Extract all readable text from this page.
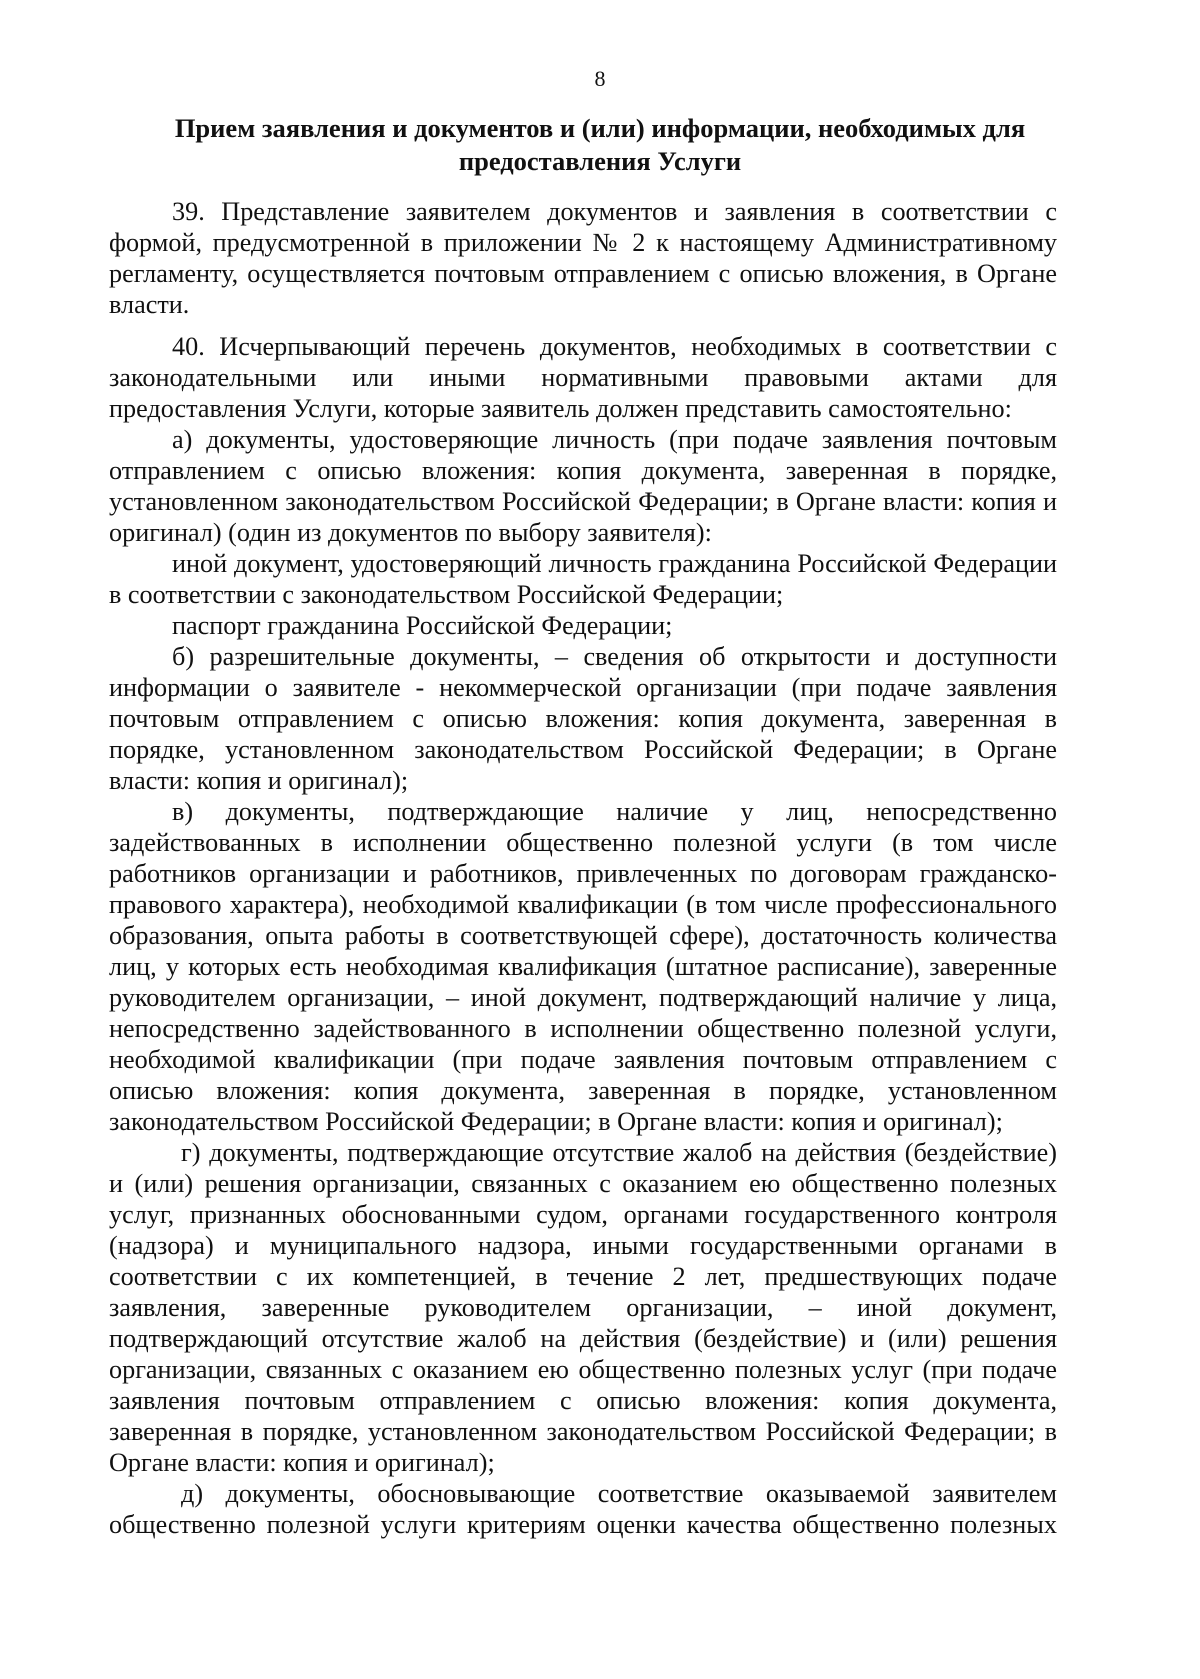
8
Прием заявления и документов и (или) информации, необходимых для
предоставления Услуги

39. Представление заявителем документов и заявления в соответствии с формой, предусмотренной в приложении № 2 к настоящему Административному регламенту, осуществляется почтовым отправлением с описью вложения, в Органе власти.

40. Исчерпывающий перечень документов, необходимых в соответствии с законодательными или иными нормативными правовыми актами для предоставления Услуги, которые заявитель должен представить самостоятельно:

а) документы, удостоверяющие личность (при подаче заявления почтовым отправлением с описью вложения: копия документа, заверенная в порядке, установленном законодательством Российской Федерации; в Органе власти: копия и оригинал) (один из документов по выбору заявителя):

иной документ, удостоверяющий личность гражданина Российской Федерации в соответствии с законодательством Российской Федерации;

паспорт гражданина Российской Федерации;

б) разрешительные документы, – сведения об открытости и доступности информации о заявителе - некоммерческой организации (при подаче заявления почтовым отправлением с описью вложения: копия документа, заверенная в порядке, установленном законодательством Российской Федерации; в Органе власти: копия и оригинал);

в) документы, подтверждающие наличие у лиц, непосредственно задействованных в исполнении общественно полезной услуги (в том числе работников организации и работников, привлеченных по договорам гражданско-правового характера), необходимой квалификации (в том числе профессионального образования, опыта работы в соответствующей сфере), достаточность количества лиц, у которых есть необходимая квалификация (штатное расписание), заверенные руководителем организации, – иной документ, подтверждающий наличие у лица, непосредственно задействованного в исполнении общественно полезной услуги, необходимой квалификации (при подаче заявления почтовым отправлением с описью вложения: копия документа, заверенная в порядке, установленном законодательством Российской Федерации; в Органе власти: копия и оригинал);

г) документы, подтверждающие отсутствие жалоб на действия (бездействие) и (или) решения организации, связанных с оказанием ею общественно полезных услуг, признанных обоснованными судом, органами государственного контроля (надзора) и муниципального надзора, иными государственными органами в соответствии с их компетенцией, в течение 2 лет, предшествующих подаче заявления, заверенные руководителем организации, – иной документ, подтверждающий отсутствие жалоб на действия (бездействие) и (или) решения организации, связанных с оказанием ею общественно полезных услуг (при подаче заявления почтовым отправлением с описью вложения: копия документа, заверенная в порядке, установленном законодательством Российской Федерации; в Органе власти: копия и оригинал);

д) документы, обосновывающие соответствие оказываемой заявителем общественно полезной услуги критериям оценки качества общественно полезных
